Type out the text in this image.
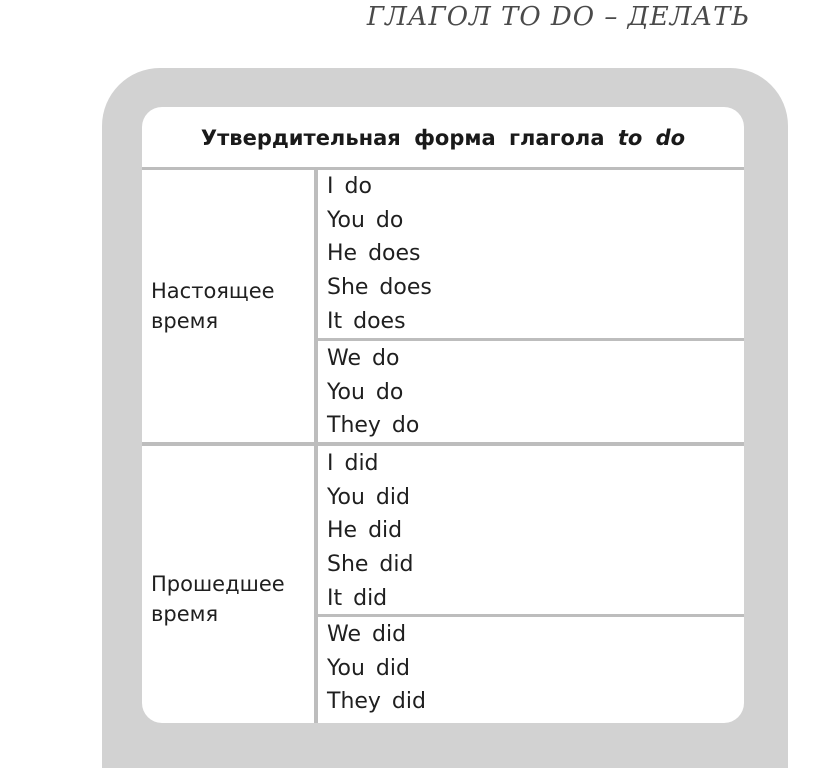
ГЛАГОЛ TO DO – ДЕЛАТЬ
Утвердительная форма глагола to do
Настоящее
время
I do
You do
He does
She does
It does
We do
You do
They do
Прошедшее
время
I did
You did
He did
She did
It did
We did
You did
They did
